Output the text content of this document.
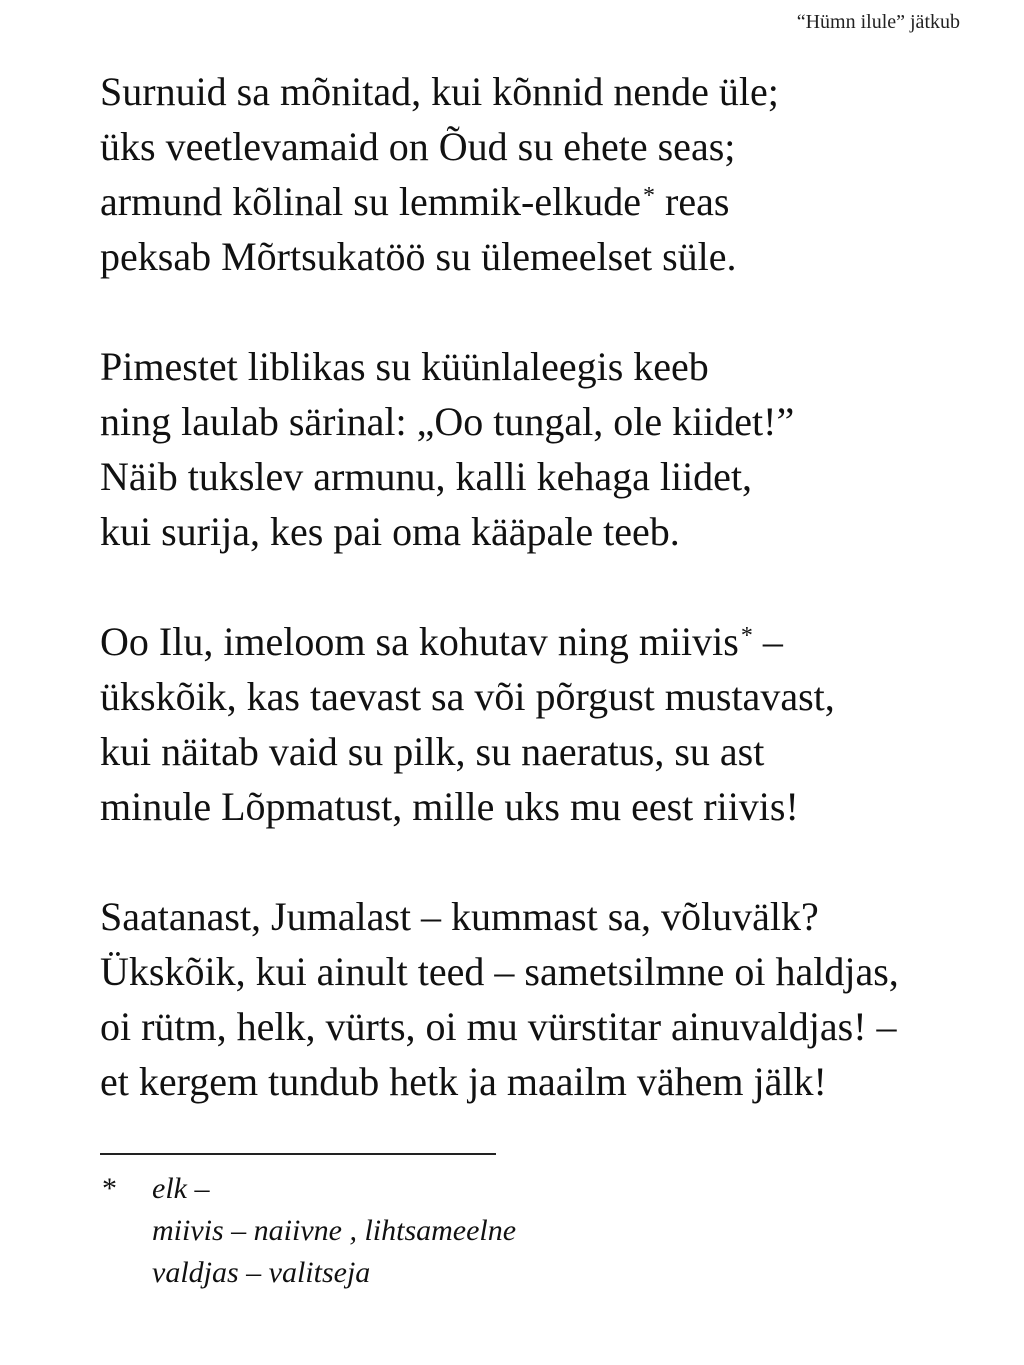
“Hümn ilule” jätkub
Surnuid sa mõnitad, kui kõnnid nende üle;
üks veetlevamaid on Õud su ehete seas;
armund kõlinal su lemmik-elkude* reas
peksab Mõrtsukatöö su ülemeelset süle.
Pimestet liblikas su küünlaleegis keeb
ning laulab särinal: „Oo tungal, ole kiidet!”
Näib tukslev armunu, kalli kehaga liidet,
kui surija, kes pai oma kääpale teeb.
Oo Ilu, imeloom sa kohutav ning miivis* –
ükskõik, kas taevast sa või põrgust mustavast,
kui näitab vaid su pilk, su naeratus, su ast
minule Lõpmatust, mille uks mu eest riivis!
Saatanast, Jumalast – kummast sa, võluvälk?
Ükskõik, kui ainult teed – sametsilmne oi haldjas,
oi rütm, helk, vürts, oi mu vürstitar ainuvaldjas! –
et kergem tundub hetk ja maailm vähem jälk!
* elk –
miivis – naiivne , lihtsameelne
valdjas – valitseja
